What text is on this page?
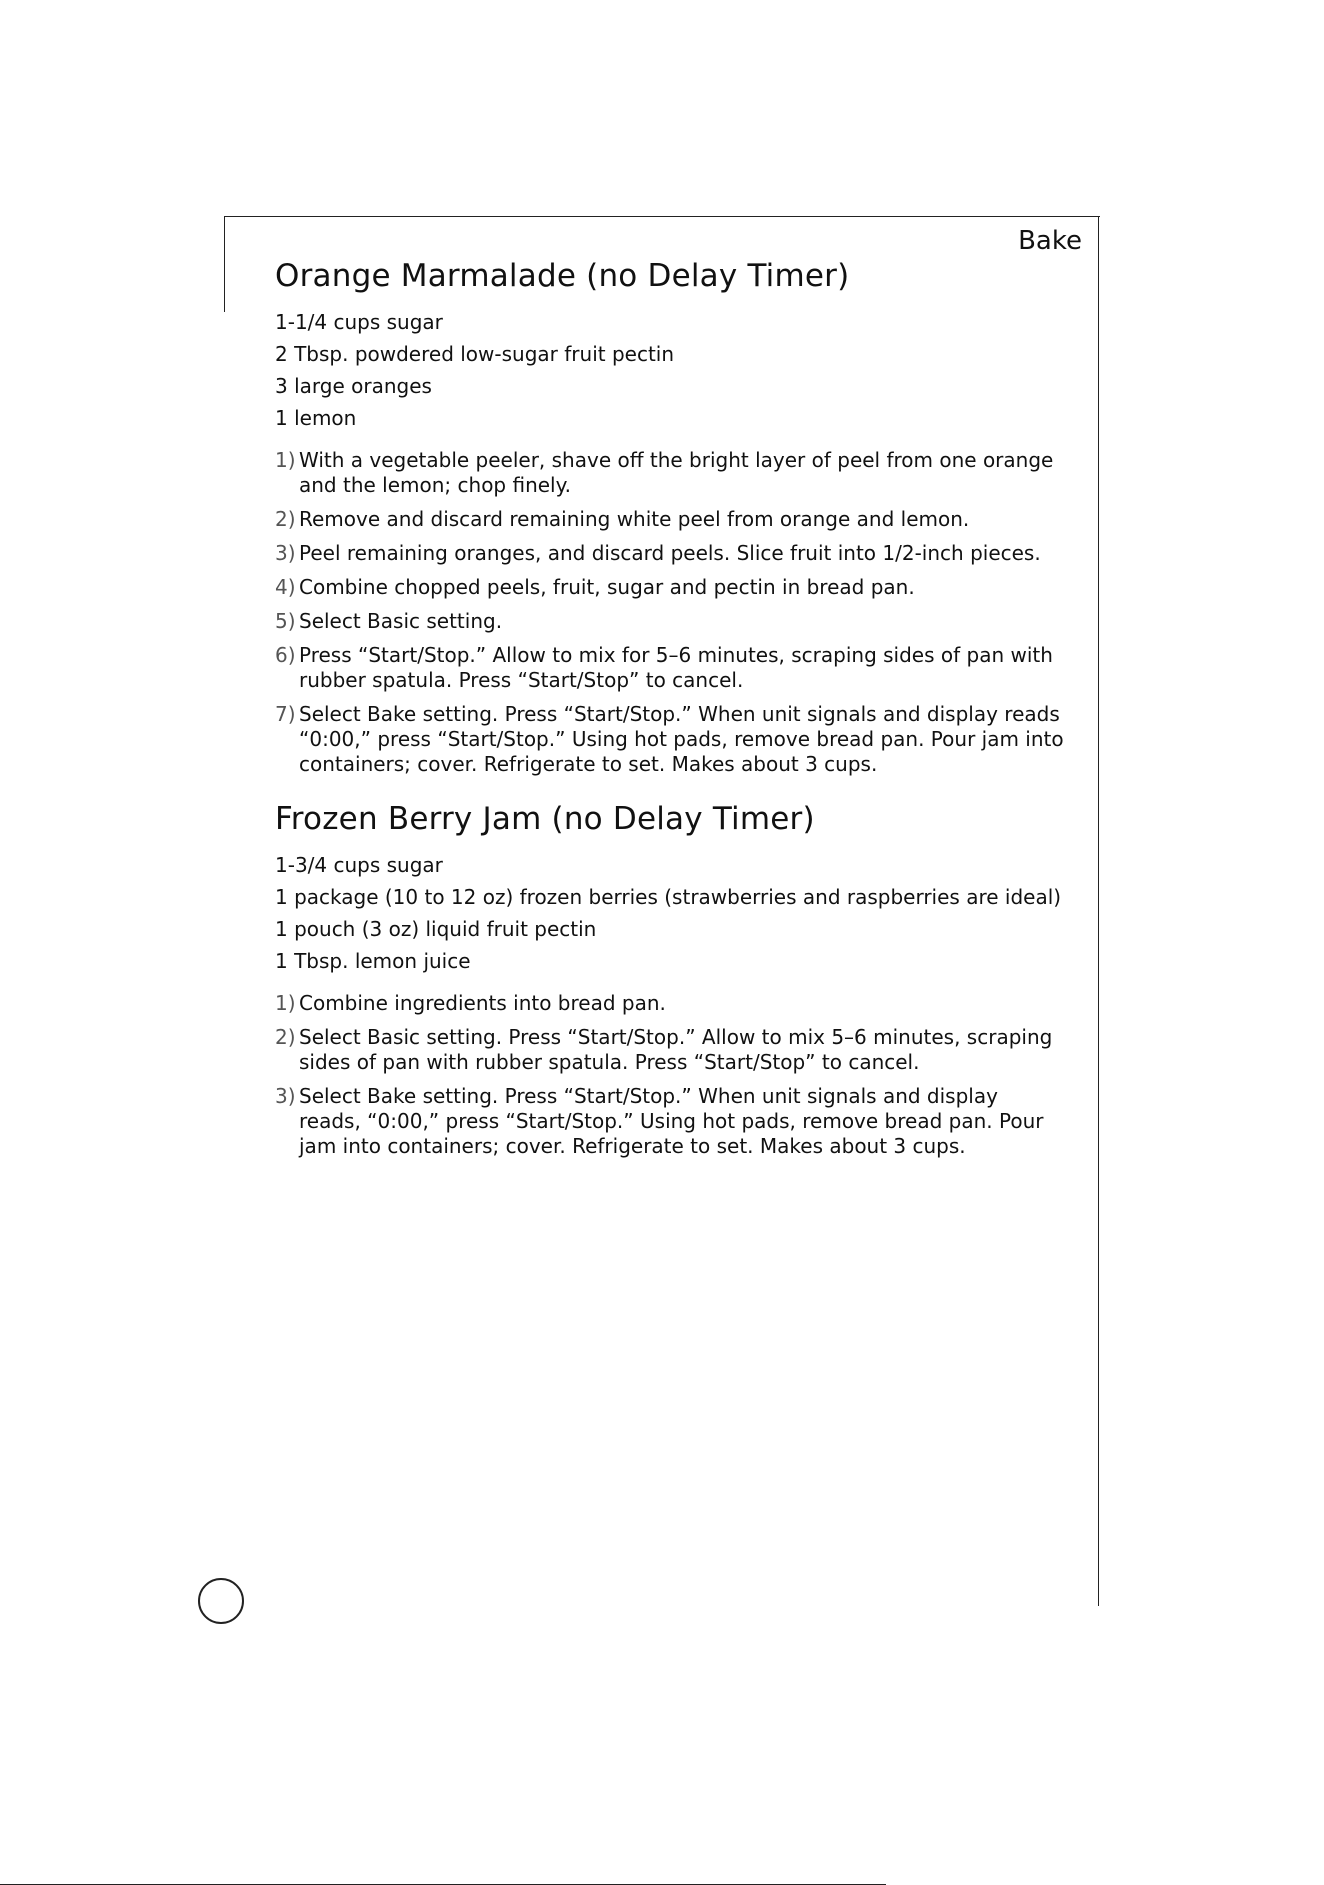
Bake
Orange Marmalade (no Delay Timer)
1-1/4 cups sugar
2 Tbsp. powdered low-sugar fruit pectin
3 large oranges
1 lemon
1) With a vegetable peeler, shave off the bright layer of peel from one orange and the lemon; chop finely.
2) Remove and discard remaining white peel from orange and lemon.
3) Peel remaining oranges, and discard peels. Slice fruit into 1/2-inch pieces.
4) Combine chopped peels, fruit, sugar and pectin in bread pan.
5) Select Basic setting.
6) Press “Start/Stop.” Allow to mix for 5–6 minutes, scraping sides of pan with rubber spatula. Press “Start/Stop” to cancel.
7) Select Bake setting. Press “Start/Stop.” When unit signals and display reads “0:00,” press “Start/Stop.” Using hot pads, remove bread pan. Pour jam into containers; cover. Refrigerate to set. Makes about 3 cups.
Frozen Berry Jam (no Delay Timer)
1-3/4 cups sugar
1 package (10 to 12 oz) frozen berries (strawberries and raspberries are ideal)
1 pouch (3 oz) liquid fruit pectin
1 Tbsp. lemon juice
1) Combine ingredients into bread pan.
2) Select Basic setting. Press “Start/Stop.” Allow to mix 5–6 minutes, scraping sides of pan with rubber spatula. Press “Start/Stop” to cancel.
3) Select Bake setting. Press “Start/Stop.” When unit signals and display reads, “0:00,” press “Start/Stop.” Using hot pads, remove bread pan. Pour jam into containers; cover. Refrigerate to set. Makes about 3 cups.
